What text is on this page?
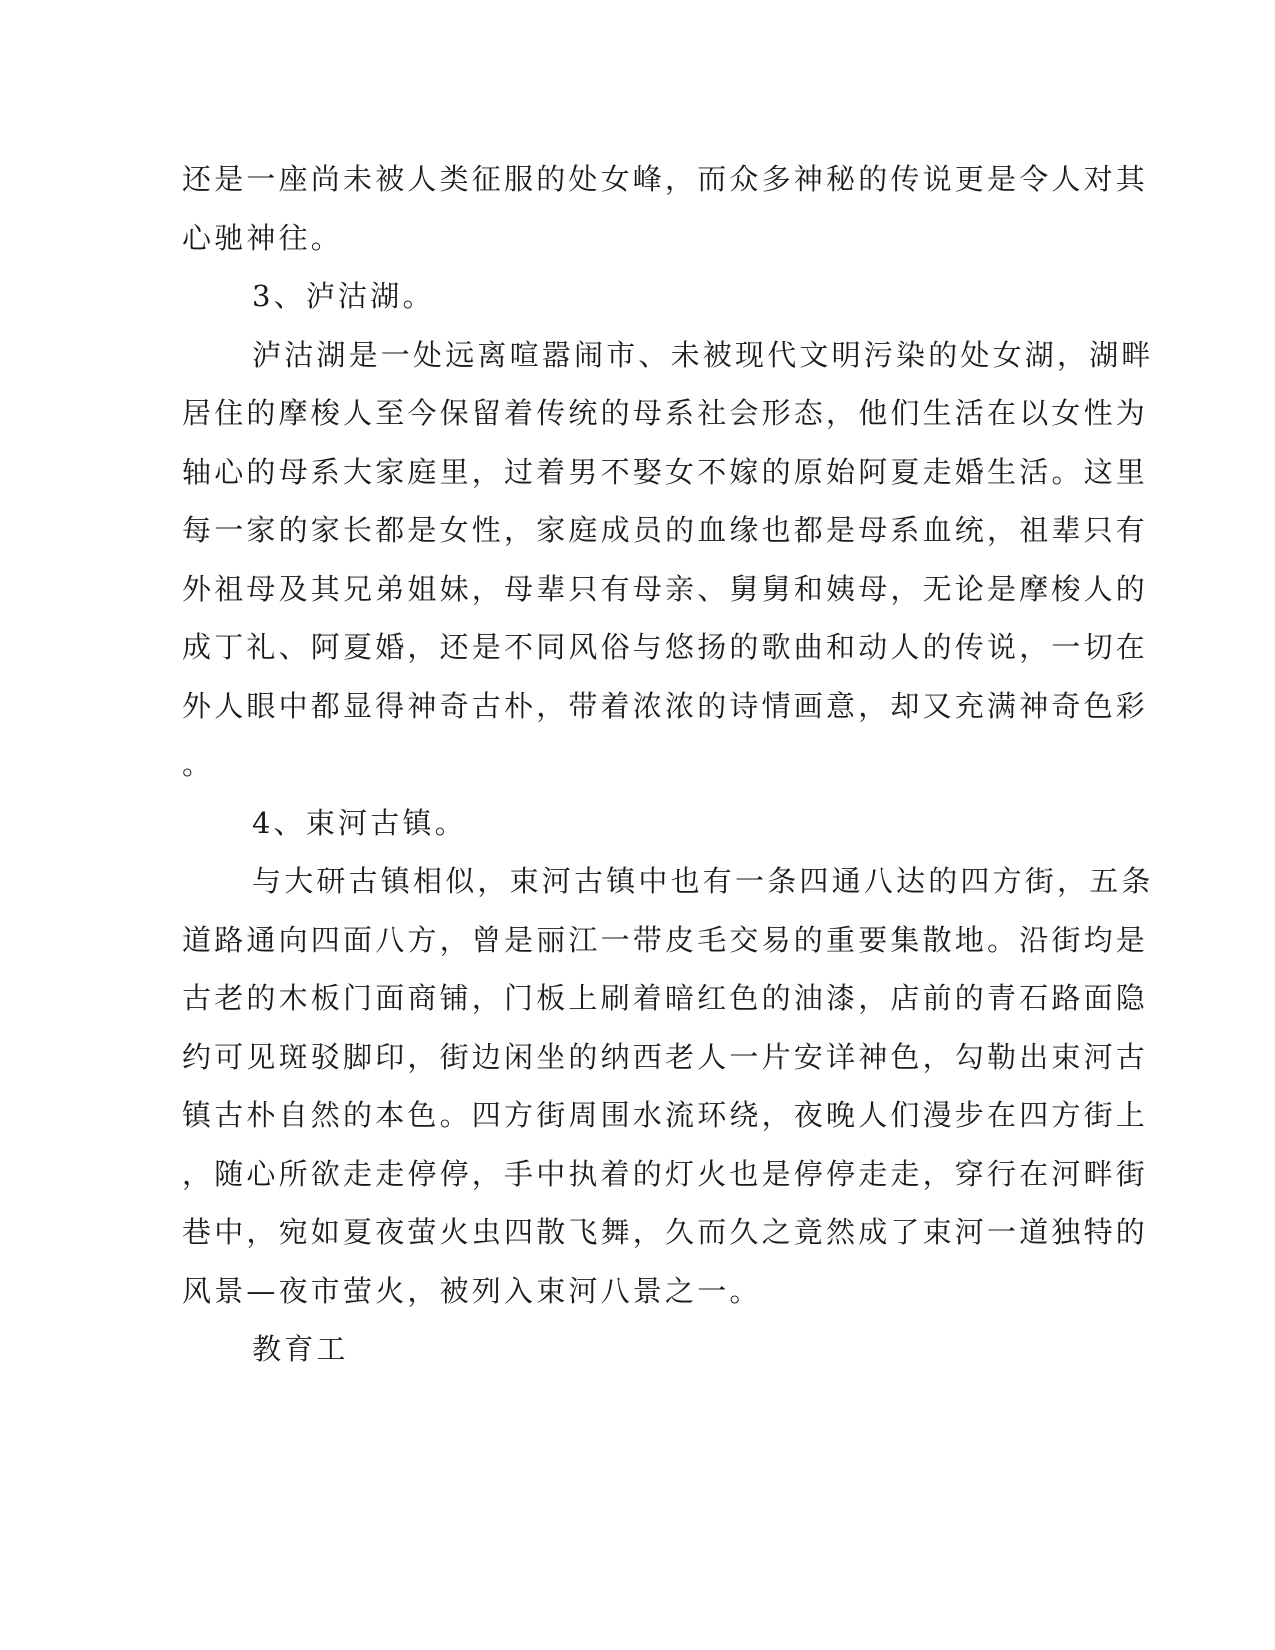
还是一座尚未被人类征服的处女峰，而众多神秘的传说更是令人对其

心驰神往。

3、泸沽湖。

泸沽湖是一处远离喧嚣闹市、未被现代文明污染的处女湖，湖畔

居住的摩梭人至今保留着传统的母系社会形态，他们生活在以女性为

轴心的母系大家庭里，过着男不娶女不嫁的原始阿夏走婚生活。这里

每一家的家长都是女性，家庭成员的血缘也都是母系血统，祖辈只有

外祖母及其兄弟姐妹，母辈只有母亲、舅舅和姨母，无论是摩梭人的

成丁礼、阿夏婚，还是不同风俗与悠扬的歌曲和动人的传说，一切在

外人眼中都显得神奇古朴，带着浓浓的诗情画意，却又充满神奇色彩

。

4、束河古镇。

与大研古镇相似，束河古镇中也有一条四通八达的四方街，五条

道路通向四面八方，曾是丽江一带皮毛交易的重要集散地。沿街均是

古老的木板门面商铺，门板上刷着暗红色的油漆，店前的青石路面隐

约可见斑驳脚印，街边闲坐的纳西老人一片安详神色，勾勒出束河古

镇古朴自然的本色。四方街周围水流环绕，夜晚人们漫步在四方街上

，随心所欲走走停停，手中执着的灯火也是停停走走，穿行在河畔街

巷中，宛如夏夜萤火虫四散飞舞，久而久之竟然成了束河一道独特的

风景—夜市萤火，被列入束河八景之一。

教育工
